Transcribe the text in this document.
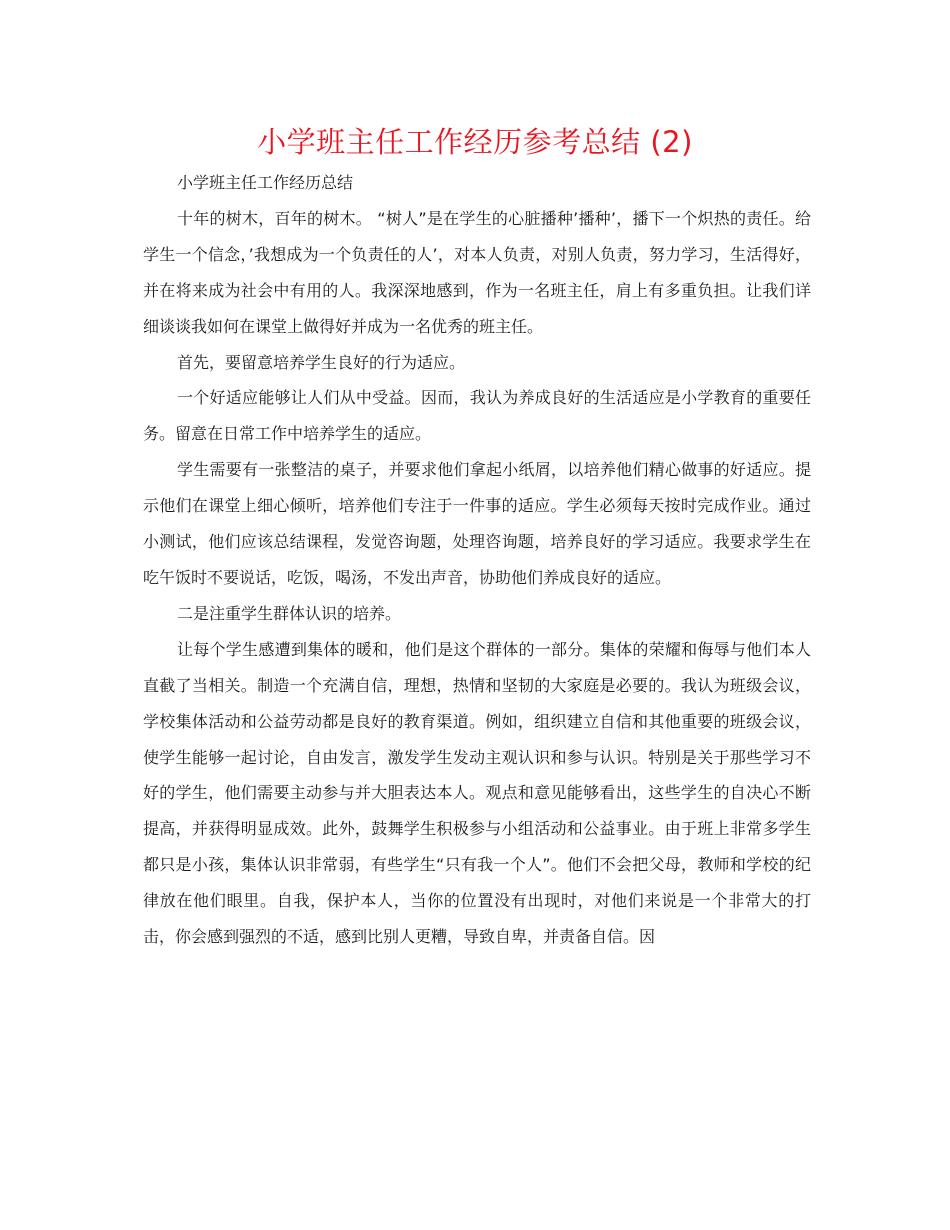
小学班主任工作经历参考总结 (2)

小学班主任工作经历总结

十年的树木，百年的树木。 “树人”是在学生的心脏播种’播种’，播下一个炽热的责任。给学生一个信念，’我想成为一个负责任的人’，对本人负责，对别人负责，努力学习，生活得好，并在将来成为社会中有用的人。我深深地感到，作为一名班主任，肩上有多重负担。让我们详细谈谈我如何在课堂上做得好并成为一名优秀的班主任。

首先，要留意培养学生良好的行为适应。

一个好适应能够让人们从中受益。因而，我认为养成良好的生活适应是小学教育的重要任务。留意在日常工作中培养学生的适应。

学生需要有一张整洁的桌子，并要求他们拿起小纸屑，以培养他们精心做事的好适应。提示他们在课堂上细心倾听，培养他们专注于一件事的适应。学生必须每天按时完成作业。通过小测试，他们应该总结课程，发觉咨询题，处理咨询题，培养良好的学习适应。我要求学生在吃午饭时不要说话，吃饭，喝汤，不发出声音，协助他们养成良好的适应。

二是注重学生群体认识的培养。

让每个学生感遭到集体的暖和，他们是这个群体的一部分。集体的荣耀和侮辱与他们本人直截了当相关。制造一个充满自信，理想，热情和坚韧的大家庭是必要的。我认为班级会议，学校集体活动和公益劳动都是良好的教育渠道。例如，组织建立自信和其他重要的班级会议，使学生能够一起讨论，自由发言，激发学生发动主观认识和参与认识。特别是关于那些学习不好的学生，他们需要主动参与并大胆表达本人。观点和意见能够看出，这些学生的自决心不断提高，并获得明显成效。此外，鼓舞学生积极参与小组活动和公益事业。由于班上非常多学生都只是小孩，集体认识非常弱，有些学生“只有我一个人”。他们不会把父母，教师和学校的纪律放在他们眼里。自我，保护本人，当你的位置没有出现时，对他们来说是一个非常大的打击，你会感到强烈的不适，感到比别人更糟，导致自卑，并责备自信。因
